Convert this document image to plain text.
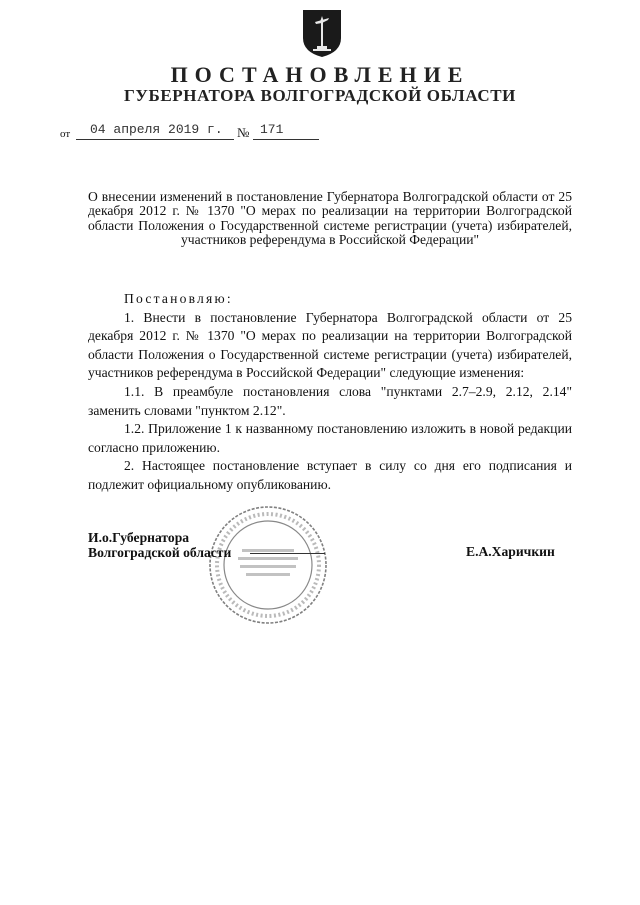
ПОСТАНОВЛЕНИЕ
ГУБЕРНАТОРА ВОЛГОГРАДСКОЙ ОБЛАСТИ
от 04 апреля 2019 г. № 171
О внесении изменений в постановление Губернатора Волгоградской области от 25 декабря 2012 г. № 1370 "О мерах по реализации на территории Волгоградской области Положения о Государственной системе регистрации (учета) избирателей, участников референдума в Российской Федерации"

Постановляю:

1. Внести в постановление Губернатора Волгоградской области от 25 декабря 2012 г. № 1370 "О мерах по реализации на территории Волгоградской области Положения о Государственной системе регистрации (учета) избирателей, участников референдума в Российской Федерации" следующие изменения:

1.1. В преамбуле постановления слова "пунктами 2.7–2.9, 2.12, 2.14" заменить словами "пунктом 2.12".

1.2. Приложение 1 к названному постановлению изложить в новой редакции согласно приложению.

2. Настоящее постановление вступает в силу со дня его подписания и подлежит официальному опубликованию.

И.о.Губернатора
Волгоградской области	Е.А.Харичкин
